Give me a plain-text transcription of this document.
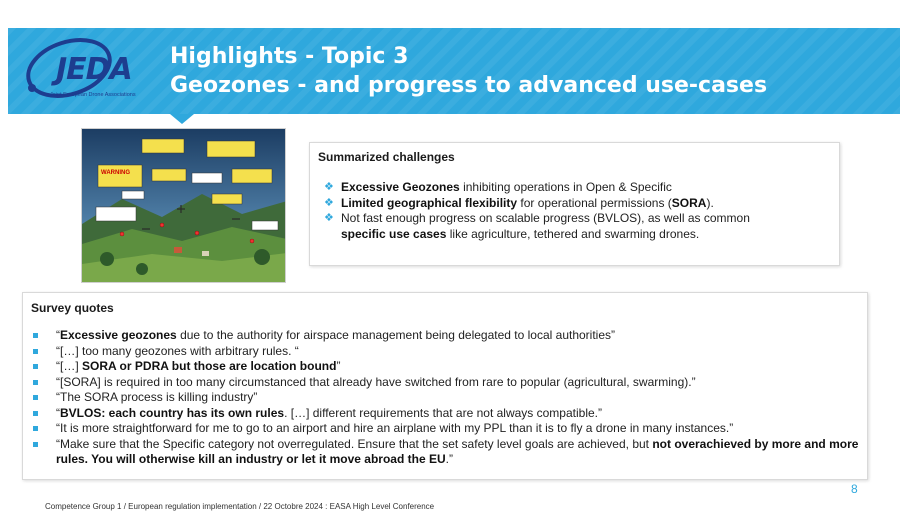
JEDA
Joint European Drone Associations
Highlights - Topic 3
Geozones - and progress to advanced use-cases
WARNING
Summarized challenges
❖ Excessive Geozones inhibiting operations in Open & Specific
❖ Limited geographical flexibility for operational permissions (SORA).
❖ Not fast enough progress on scalable progress (BVLOS), as well as common
specific use cases like agriculture, tethered and swarming drones.
Survey quotes
“Excessive geozones due to the authority for airspace management being delegated to local authorities”
“[…] too many geozones with arbitrary rules. “
“[…] SORA or PDRA but those are location bound”
“[SORA] is required in too many circumstanced that already have switched from rare to popular (agricultural, swarming).”
“The SORA process is killing industry”
“BVLOS: each country has its own rules. […] different requirements that are not always compatible.”
“It is more straightforward for me to go to an airport and hire an airplane with my PPL than it is to fly a drone in many instances.”
“Make sure that the Specific category not overregulated. Ensure that the set safety level goals are achieved, but not overachieved by more and more rules. You will otherwise kill an industry or let it move abroad the EU.”
8
Competence Group 1 / European regulation implementation / 22 Octobre 2024 : EASA High Level Conference
